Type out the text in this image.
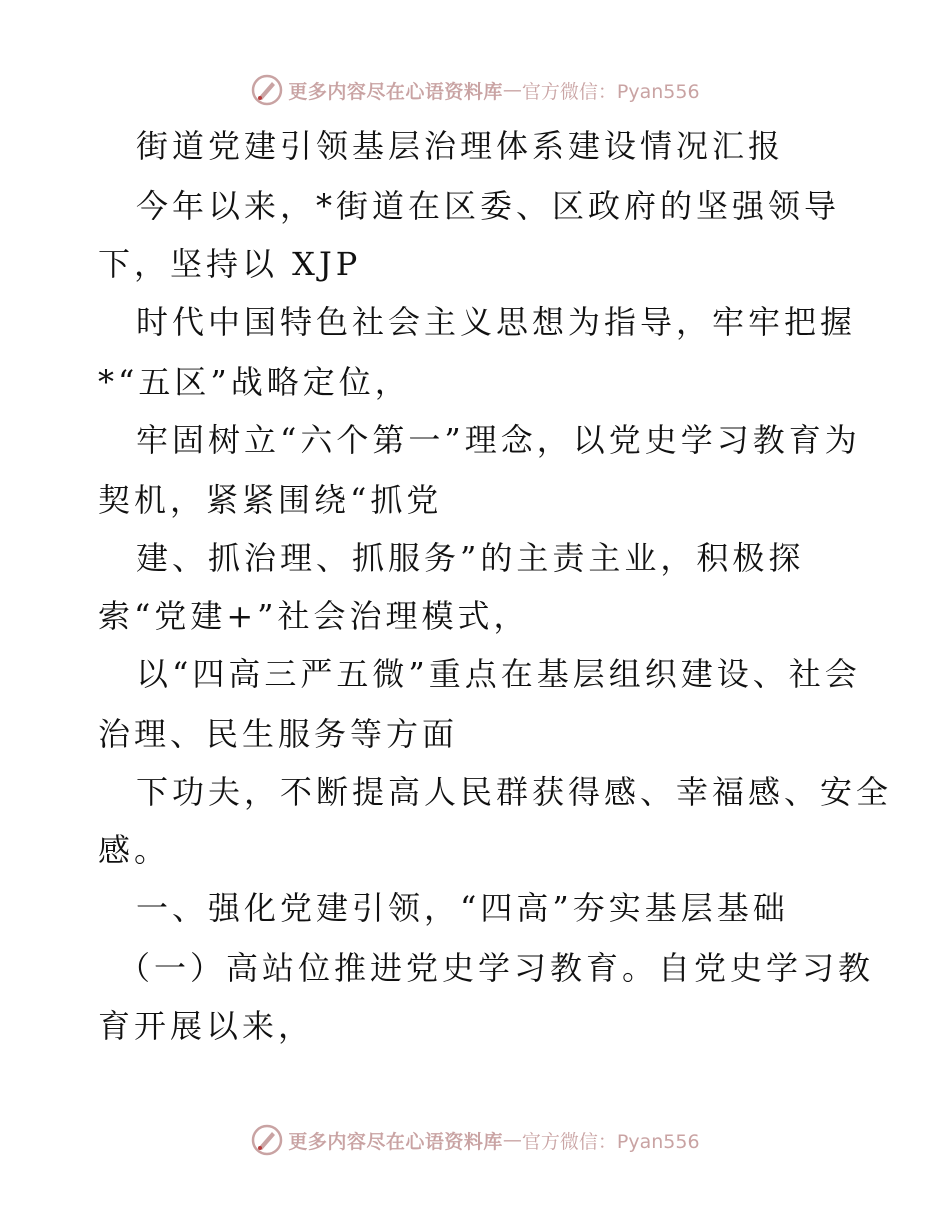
更多内容尽在心语资料库 — 官方微信：Pyan556
街道党建引领基层治理体系建设情况汇报
今年以来，*街道在区委、区政府的坚强领导
下，坚持以 XJP
时代中国特色社会主义思想为指导，牢牢把握
*“五区”战略定位，
牢固树立“六个第一”理念，以党史学习教育为
契机，紧紧围绕“抓党
建、抓治理、抓服务”的主责主业，积极探
索“党建+”社会治理模式，
以“四高三严五微”重点在基层组织建设、社会
治理、民生服务等方面
下功夫，不断提高人民群获得感、幸福感、安全
感。
一、强化党建引领，“四高”夯实基层基础
（一）高站位推进党史学习教育。自党史学习教
育开展以来，
更多内容尽在心语资料库 — 官方微信：Pyan556
